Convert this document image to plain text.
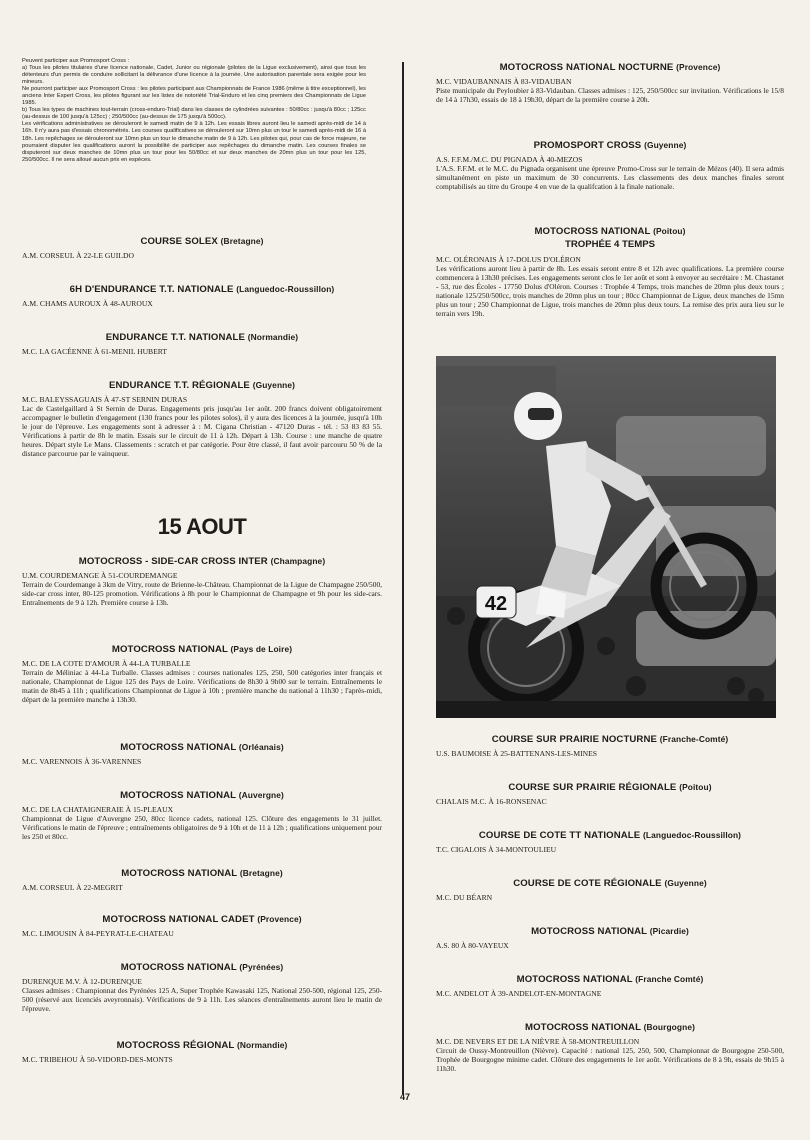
Peuvent participer aux Promosport Cross :

a) Tous les pilotes titulaires d'une licence nationale, Cadet, Junior ou régionale (pilotes de la Ligue exclusivement), ainsi que tous les détenteurs d'un permis de conduire sollicitant la délivrance d'une licence à la journée. Une autorisation parentale sera exigée pour les mineurs.

Ne pourront participer aux Promosport Cross : les pilotes participant aux Championnats de France 1986 (même à titre exceptionnel), les anciens Inter Expert Cross, les pilotes figurant sur les listes de notoriété Trial-Enduro et les cinq premiers des Championnats de Ligue 1985.

b) Tous les types de machines tout-terrain (cross-enduro-Trial) dans les classes de cylindrées suivantes : 50/80cc : jusqu'à 80cc ; 125cc (au-dessus de 100 jusqu'à 125cc) ; 250/500cc (au-dessus de 175 jusqu'à 500cc).

Les vérifications administratives se dérouleront le samedi matin de 9 à 12h. Les essais libres auront lieu le samedi après-midi de 14 à 16h. Il n'y aura pas d'essais chronométrés. Les courses qualificatives se dérouleront sur 10mn plus un tour le samedi après-midi de 16 à 18h. Les repêchages se dérouleront sur 10mn plus un tour le dimanche matin de 9 à 12h. Les pilotes qui, pour cas de force majeure, ne pourraient disputer les qualifications auront la possibilité de participer aux repêchages du dimanche matin. Les courses finales se disputeront sur deux manches de 10mn plus un tour pour les 50/80cc et sur deux manches de 20mn plus un tour pour les 125, 250/500cc. Il ne sera alloué aucun prix en espèces.

COURSE SOLEX (Bretagne)

A.M. CORSEUL À 22-LE GUILDO

6H D'ENDURANCE T.T. NATIONALE (Languedoc-Roussillon)

A.M. CHAMS AUROUX À 48-AUROUX

ENDURANCE T.T. NATIONALE (Normandie)

M.C. LA GACÉENNE À 61-MENIL HUBERT

ENDURANCE T.T. RÉGIONALE (Guyenne)

M.C. BALEYSSAGUAIS À 47-ST SERNIN DURAS

Lac de Castelgaillard à St Sernin de Duras. Engagements pris jusqu'au 1er août. 200 francs doivent obligatoirement accompagner le bulletin d'engagement (130 francs pour les pilotes solos), il y aura des licences à la journée, jusqu'à 10h le jour de l'épreuve. Les engagements sont à adresser à : M. Cigana Christian - 47120 Duras - tél. : 53 83 83 55. Vérifications à partir de 8h le matin. Essais sur le circuit de 11 à 12h. Départ à 13h. Course : une manche de quatre heures. Départ style Le Mans. Classements : scratch et par catégorie. Pour être classé, il faut avoir parcouru 50 % de la distance parcourue par le vainqueur.

15 AOUT
MOTOCROSS - SIDE-CAR CROSS INTER (Champagne)

U.M. COURDEMANGE À 51-COURDEMANGE

Terrain de Courdemange à 3km de Vitry, route de Brienne-le-Château. Championnat de la Ligue de Champagne 250/500, side-car cross inter, 80-125 promotion. Vérifications à 8h pour le Championnat de Champagne et 9h pour les side-cars. Entraînements de 9 à 12h. Première course à 13h.

MOTOCROSS NATIONAL (Pays de Loire)

M.C. DE LA COTE D'AMOUR À 44-LA TURBALLE

Terrain de Méliniac à 44-La Turballe. Classes admises : courses nationales 125, 250, 500 catégories inter français et nationale, Championnat de Ligue 125 des Pays de Loire. Vérifications de 8h30 à 9h00 sur le terrain. Entraînements le matin de 8h45 à 11h ; qualifications Championnat de Ligue à 10h ; première manche du national à 11h30 ; l'après-midi, départ de la première manche à 13h30.

MOTOCROSS NATIONAL (Orléanais)

M.C. VARENNOIS À 36-VARENNES

MOTOCROSS NATIONAL (Auvergne)

M.C. DE LA CHATAIGNERAIE À 15-PLEAUX

Championnat de Ligue d'Auvergne 250, 80cc licence cadets, national 125. Clôture des engagements le 31 juillet. Vérifications le matin de l'épreuve ; entraînements obligatoires de 9 à 10h et de 11 à 12h ; qualifications uniquement pour les 250 et 80cc.

MOTOCROSS NATIONAL (Bretagne)

A.M. CORSEUL À 22-MEGRIT

MOTOCROSS NATIONAL CADET (Provence)

M.C. LIMOUSIN À 84-PEYRAT-LE-CHATEAU

MOTOCROSS NATIONAL (Pyrénées)

DURENQUE M.V. À 12-DURENQUE

Classes admises : Championnat des Pyrénées 125 A, Super Trophée Kawasaki 125, National 250-500, régional 125, 250-500 (réservé aux licenciés aveyronnais). Vérifications de 9 à 11h. Les séances d'entraînements auront lieu le matin de l'épreuve.

MOTOCROSS RÉGIONAL (Normandie)

M.C. TRIBEHOU À 50-VIDORD-DES-MONTS

MOTOCROSS NATIONAL NOCTURNE (Provence)

M.C. VIDAUBANNAIS À 83-VIDAUBAN

Piste municipale du Peyloubier à 83-Vidauban. Classes admises : 125, 250/500cc sur invitation. Vérifications le 15/8 de 14 à 17h30, essais de 18 à 19h30, départ de la première course à 20h.

PROMOSPORT CROSS (Guyenne)

A.S. F.F.M./M.C. DU PIGNADA À 40-MEZOS

L'A.S. F.F.M. et le M.C. du Pignada organisent une épreuve Promo-Cross sur le terrain de Mézos (40). Il sera admis simultanément en piste un maximum de 30 concurrents. Les classements des deux manches finales seront comptabilisés au titre du Groupe 4 en vue de la qualifcation à la finale nationale.

MOTOCROSS NATIONAL (Poitou)
TROPHÉE 4 TEMPS

M.C. OLÉRONAIS À 17-DOLUS D'OLÉRON

Les vérifications auront lieu à partir de 8h. Les essais seront entre 8 et 12h avec qualifications. La première course commencera à 13h30 précises. Les engagements seront clos le 1er août et sont à envoyer au secrétaire : M. Chastanet - 53, rue des Écoles - 17750 Dolus d'Oléron. Courses : Trophée 4 Temps, trois manches de 20mn plus deux tours ; nationale 125/250/500cc, trois manches de 20mn plus un tour ; 80cc Championnat de Ligue, deux manches de 15mn plus un tour ; 250 Championnat de Ligue, trois manches de 20mn plus deux tours. La remise des prix aura lieu sur le terrain vers 19h.

COURSE SUR PRAIRIE NOCTURNE (Franche-Comté)

U.S. BAUMOISE À 25-BATTENANS-LES-MINES

COURSE SUR PRAIRIE RÉGIONALE (Poitou)

CHALAIS M.C. À 16-RONSENAC

COURSE DE COTE TT NATIONALE (Languedoc-Roussillon)

T.C. CIGALOIS À 34-MONTOULIEU

COURSE DE COTE RÉGIONALE (Guyenne)

M.C. DU BÉARN

MOTOCROSS NATIONAL (Picardie)

A.S. 80 À 80-VAYEUX

MOTOCROSS NATIONAL (Franche Comté)

M.C. ANDELOT À 39-ANDELOT-EN-MONTAGNE

MOTOCROSS NATIONAL (Bourgogne)

M.C. DE NEVERS ET DE LA NIÈVRE À 58-MONTREUILLON

Circuit de Oussy-Montreuillon (Nièvre). Capacité : national 125, 250, 500, Championnat de Bourgogne 250-500, Trophée de Bourgogne minime cadet. Clôture des engagements le 1er août. Vérifications de 8 à 9h, essais de 9h15 à 11h30.

42
47
